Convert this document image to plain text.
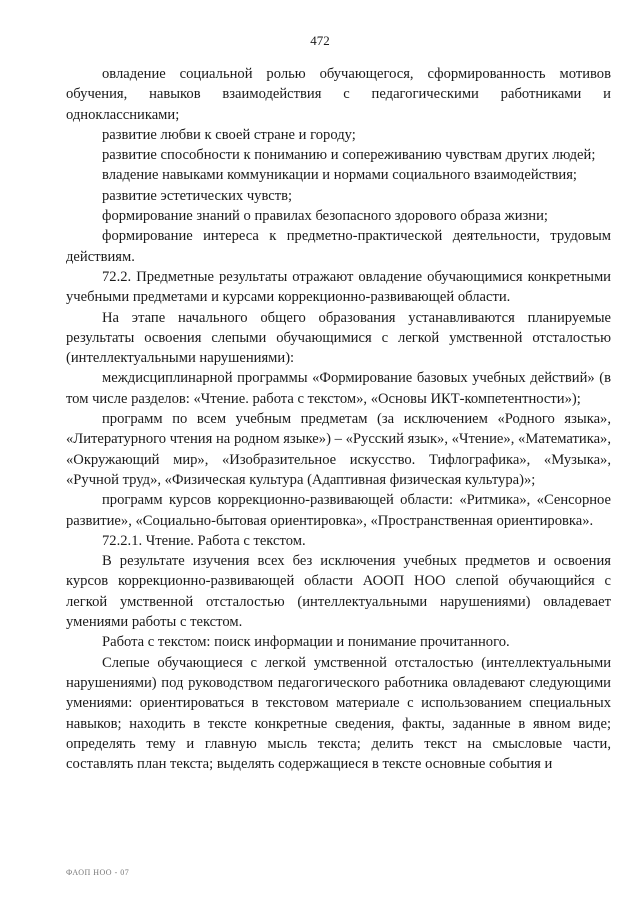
472

овладение социальной ролью обучающегося, сформированность мотивов обучения, навыков взаимодействия с педагогическими работниками и одноклассниками;

развитие любви к своей стране и городу;

развитие способности к пониманию и сопереживанию чувствам других людей;

владение навыками коммуникации и нормами социального взаимодействия;

развитие эстетических чувств;

формирование знаний о правилах безопасного здорового образа жизни;

формирование интереса к предметно-практической деятельности, трудовым действиям.

72.2. Предметные результаты отражают овладение обучающимися конкретными учебными предметами и курсами коррекционно-развивающей области.

На этапе начального общего образования устанавливаются планируемые результаты освоения слепыми обучающимися с легкой умственной отсталостью (интеллектуальными нарушениями):

междисциплинарной программы «Формирование базовых учебных действий» (в том числе разделов: «Чтение. работа с текстом», «Основы ИКТ-компетентности»);

программ по всем учебным предметам (за исключением «Родного языка», «Литературного чтения на родном языке») – «Русский язык», «Чтение», «Математика», «Окружающий мир», «Изобразительное искусство. Тифлографика», «Музыка», «Ручной труд», «Физическая культура (Адаптивная физическая культура)»;

программ курсов коррекционно-развивающей области: «Ритмика», «Сенсорное развитие», «Социально-бытовая ориентировка», «Пространственная ориентировка».

72.2.1. Чтение. Работа с текстом.

В результате изучения всех без исключения учебных предметов и освоения курсов коррекционно-развивающей области АООП НОО слепой обучающийся с легкой умственной отсталостью (интеллектуальными нарушениями) овладевает умениями работы с текстом.

Работа с текстом: поиск информации и понимание прочитанного.

Слепые обучающиеся с легкой умственной отсталостью (интеллектуальными нарушениями) под руководством педагогического работника овладевают следующими умениями: ориентироваться в текстовом материале с использованием специальных навыков; находить в тексте конкретные сведения, факты, заданные в явном виде; определять тему и главную мысль текста; делить текст на смысловые части, составлять план текста; выделять содержащиеся в тексте основные события и

ФАОП НОО - 07
